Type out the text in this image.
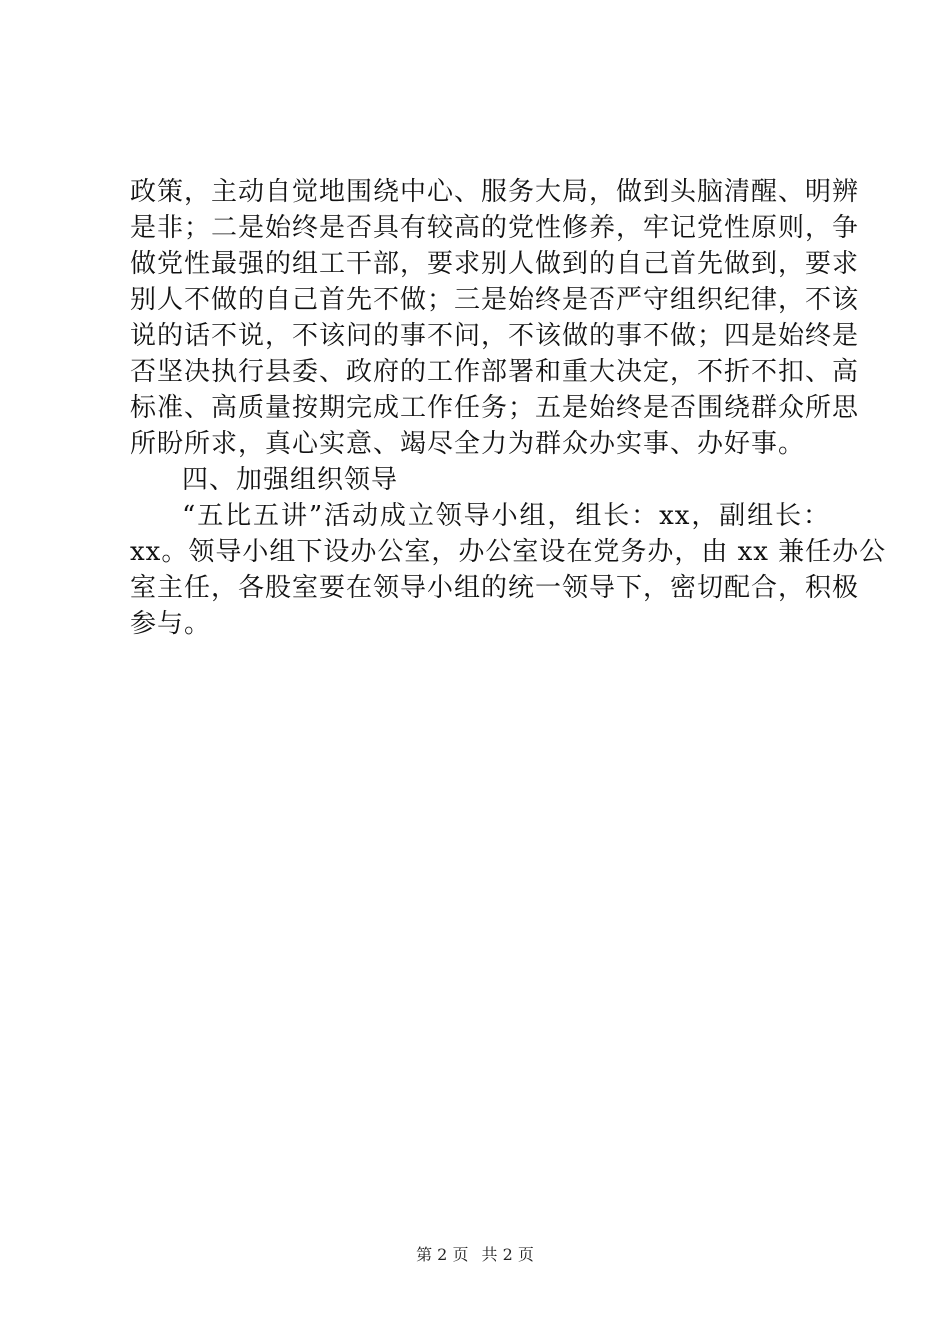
政策，主动自觉地围绕中心、服务大局，做到头脑清醒、明辨
是非；二是始终是否具有较高的党性修养，牢记党性原则，争
做党性最强的组工干部，要求别人做到的自己首先做到，要求
别人不做的自己首先不做；三是始终是否严守组织纪律，不该
说的话不说，不该问的事不问，不该做的事不做；四是始终是
否坚决执行县委、政府的工作部署和重大决定，不折不扣、高
标准、高质量按期完成工作任务；五是始终是否围绕群众所思
所盼所求，真心实意、竭尽全力为群众办实事、办好事。
四、加强组织领导
“五比五讲”活动成立领导小组，组长：xx，副组长：
xx。领导小组下设办公室，办公室设在党务办，由 xx 兼任办公
室主任，各股室要在领导小组的统一领导下，密切配合，积极
参与。
第 2 页 共 2 页
